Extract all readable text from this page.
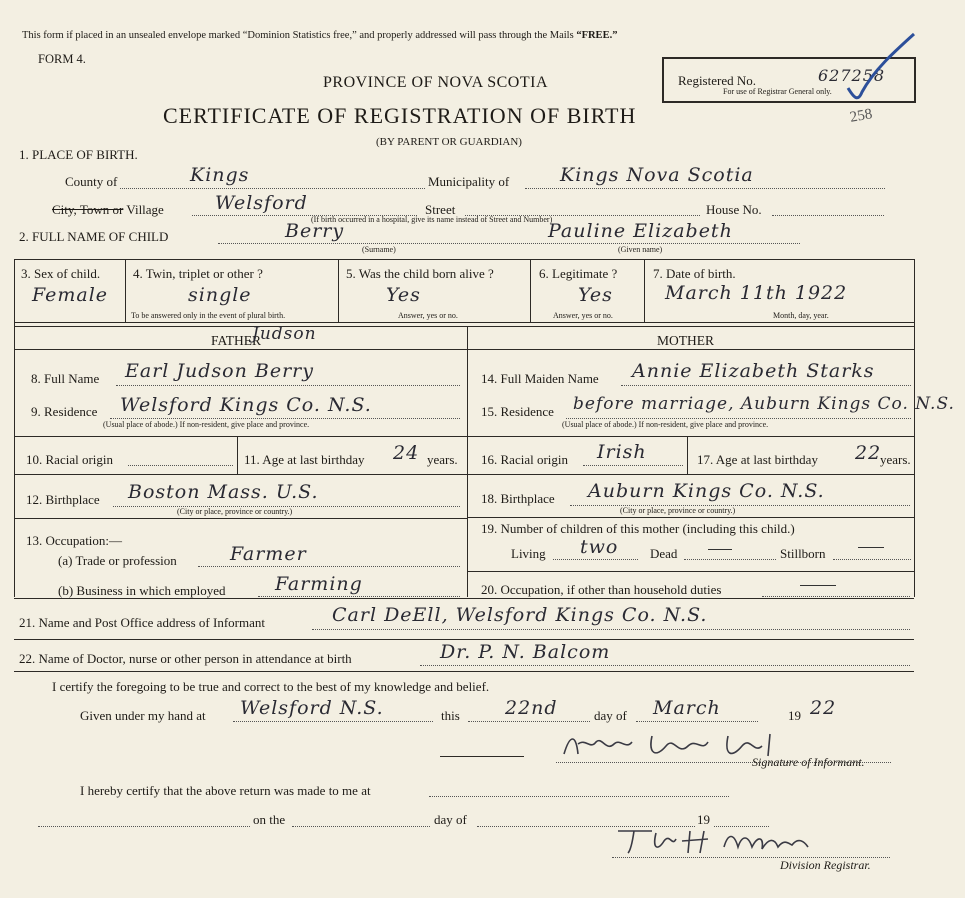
This form if placed in an unsealed envelope marked “Dominion Statistics free,” and properly addressed will pass through the Mails “FREE.”
FORM 4.
PROVINCE OF NOVA SCOTIA
CERTIFICATE OF REGISTRATION OF BIRTH
(BY PARENT OR GUARDIAN)
Registered No.	627258
For use of Registrar General only.
258
1. PLACE OF BIRTH.
County of	Kings	Municipality of	Kings Nova Scotia
City, Town or Village	Welsford	Street	House No.
(If birth occurred in a hospital, give its name instead of Street and Number)
2. FULL NAME OF CHILD	Berry
(Surname)
Pauline Elizabeth
(Given name)
3. Sex of child.
Female
4. Twin, triplet or other ?
single
To be answered only in the event of plural birth.
5. Was the child born alive ?
Yes
Answer, yes or no.
6. Legitimate ?
Yes
Answer, yes or no.
7. Date of birth.
March 11th 1922
Month, day, year.
FATHER
Judson	MOTHER
8. Full Name Earl Judson Berry
9. Residence Welsford Kings Co. N.S.
(Usual place of abode.) If non-resident, give place and province.
10. Racial origin	11. Age at last birthday 24 years.
12. Birthplace Boston Mass. U.S.
(City or place, province or country.)
13. Occupation:—
(a) Trade or profession	Farmer
(b) Business in which employed	Farming
14. Full Maiden Name Annie Elizabeth Starks
15. Residence before marriage, Auburn Kings Co. N.S.
(Usual place of abode.) If non-resident, give place and province.
16. Racial origin Irish	17. Age at last birthday 22
years.
18. Birthplace Auburn Kings Co. N.S.
(City or place, province or country.)
19. Number of children of this mother (including this child.)
Living two Dead	Stillborn
20. Occupation, if other than household duties
21. Name and Post Office address of Informant	Carl DeEll, Welsford Kings Co. N.S.
22. Name of Doctor, nurse or other person in attendance at birth	Dr. P. N. Balcom
I certify the foregoing to be true and correct to the best of my knowledge and belief.
Given under my hand at Welsford N.S.	this 22nd	day of March	19 22
Signature of Informant.
I hereby certify that the above return was made to me at
on the	day of	19
Division Registrar.
